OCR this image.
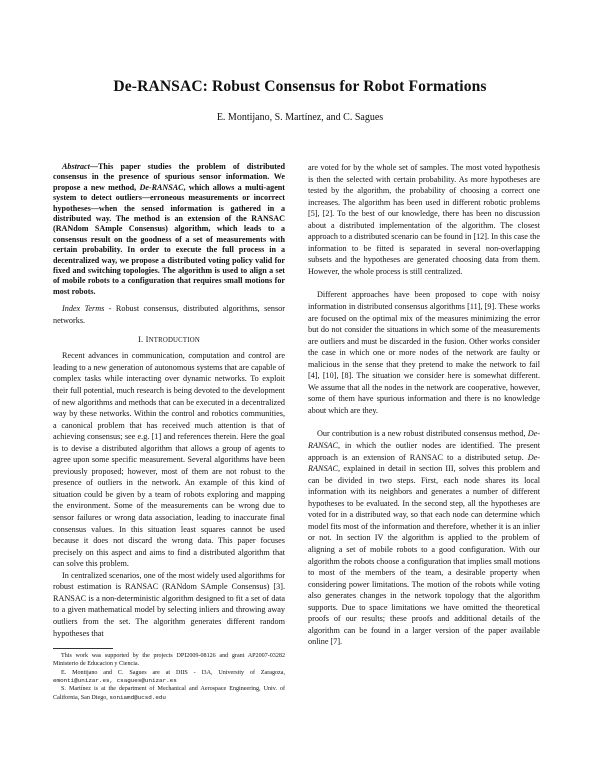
De-RANSAC: Robust Consensus for Robot Formations
E. Montijano, S. Martínez, and C. Sagues

Abstract—This paper studies the problem of distributed consensus in the presence of spurious sensor information. We propose a new method, De-RANSAC, which allows a multi-agent system to detect outliers—erroneous measurements or incorrect hypotheses—when the sensed information is gathered in a distributed way. The method is an extension of the RANSAC (RANdom SAmple Consensus) algorithm, which leads to a consensus result on the goodness of a set of measurements with certain probability. In order to execute the full process in a decentralized way, we propose a distributed voting policy valid for fixed and switching topologies. The algorithm is used to align a set of mobile robots to a configuration that requires small motions for most robots.

Index Terms - Robust consensus, distributed algorithms, sensor networks.

I. INTRODUCTION

Recent advances in communication, computation and control are leading to a new generation of autonomous systems that are capable of complex tasks while interacting over dynamic networks. To exploit their full potential, much research is being devoted to the development of new algorithms and methods that can be executed in a decentralized way by these networks. Within the control and robotics communities, a canonical problem that has received much attention is that of achieving consensus; see e.g. [1] and references therein. Here the goal is to devise a distributed algorithm that allows a group of agents to agree upon some specific measurement. Several algorithms have been previously proposed; however, most of them are not robust to the presence of outliers in the network. An example of this kind of situation could be given by a team of robots exploring and mapping the environment. Some of the measurements can be wrong due to sensor failures or wrong data association, leading to inaccurate final consensus values. In this situation least squares cannot be used because it does not discard the wrong data. This paper focuses precisely on this aspect and aims to find a distributed algorithm that can solve this problem.

In centralized scenarios, one of the most widely used algorithms for robust estimation is RANSAC (RANdom SAmple Consensus) [3]. RANSAC is a non-deterministic algorithm designed to fit a set of data to a given mathematical model by selecting inliers and throwing away outliers from the set. The algorithm generates different random hypotheses that

This work was supported by the projects DPI2009-08126 and grant AP2007-03282 Ministerio de Educacion y Ciencia.
E. Montijano and C. Sagues are at DIIS - I3A, University of Zaragoza, emonti@unizar.es, csagues@unizar.es
S. Martínez is at the department of Mechanical and Aerospace Engineering, Univ. of California, San Diego, soniamd@ucsd.edu

are voted for by the whole set of samples. The most voted hypothesis is then the selected with certain probability. As more hypotheses are tested by the algorithm, the probability of choosing a correct one increases. The algorithm has been used in different robotic problems [5], [2]. To the best of our knowledge, there has been no discussion about a distributed implementation of the algorithm. The closest approach to a distributed scenario can be found in [12]. In this case the information to be fitted is separated in several non-overlapping subsets and the hypotheses are generated choosing data from them. However, the whole process is still centralized.

Different approaches have been proposed to cope with noisy information in distributed consensus algorithms [11], [9]. These works are focused on the optimal mix of the measures minimizing the error but do not consider the situations in which some of the measurements are outliers and must be discarded in the fusion. Other works consider the case in which one or more nodes of the network are faulty or malicious in the sense that they pretend to make the network to fail [4], [10], [8]. The situation we consider here is somewhat different. We assume that all the nodes in the network are cooperative, however, some of them have spurious information and there is no knowledge about which are they.

Our contribution is a new robust distributed consensus method, De-RANSAC, in which the outlier nodes are identified. The present approach is an extension of RANSAC to a distributed setup. De-RANSAC, explained in detail in section III, solves this problem and can be divided in two steps. First, each node shares its local information with its neighbors and generates a number of different hypotheses to be evaluated. In the second step, all the hypotheses are voted for in a distributed way, so that each node can determine which model fits most of the information and therefore, whether it is an inlier or not. In section IV the algorithm is applied to the problem of aligning a set of mobile robots to a good configuration. With our algorithm the robots choose a configuration that implies small motions to most of the members of the team, a desirable property when considering power limitations. The motion of the robots while voting also generates changes in the network topology that the algorithm supports. Due to space limitations we have omitted the theoretical proofs of our results; these proofs and additional details of the algorithm can be found in a larger version of the paper available online [7].
